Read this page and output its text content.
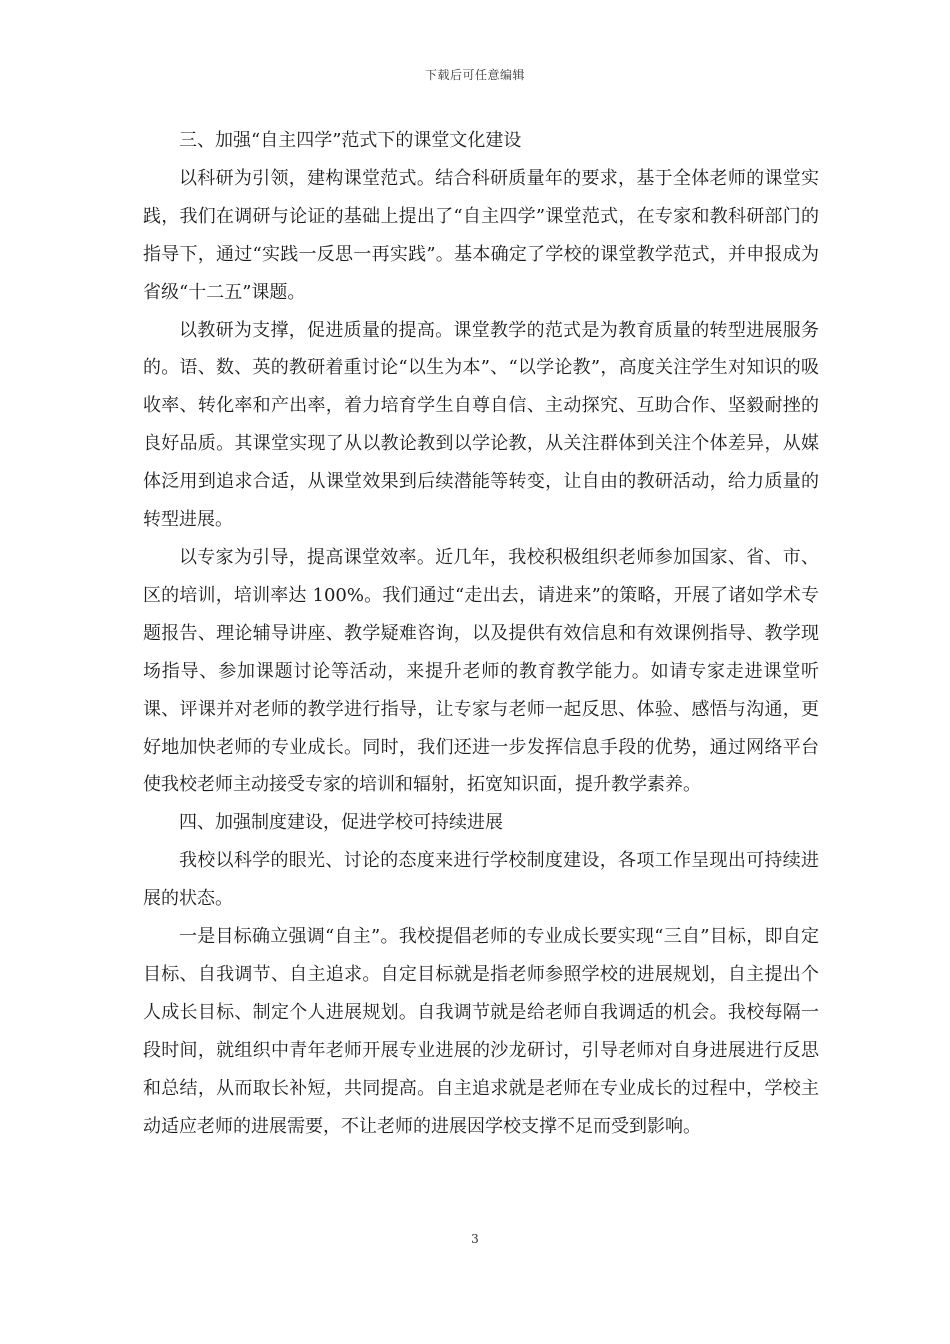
下载后可任意编辑

三、加强“自主四学”范式下的课堂文化建设

以科研为引领，建构课堂范式。结合科研质量年的要求，基于全体老师的课堂实践，我们在调研与论证的基础上提出了“自主四学”课堂范式，在专家和教科研部门的指导下，通过“实践一反思一再实践”。基本确定了学校的课堂教学范式，并申报成为省级“十二五”课题。

以教研为支撑，促进质量的提高。课堂教学的范式是为教育质量的转型进展服务的。语、数、英的教研着重讨论“以生为本”、“以学论教”，高度关注学生对知识的吸收率、转化率和产出率，着力培育学生自尊自信、主动探究、互助合作、坚毅耐挫的良好品质。其课堂实现了从以教论教到以学论教，从关注群体到关注个体差异，从媒体泛用到追求合适，从课堂效果到后续潜能等转变，让自由的教研活动，给力质量的转型进展。

以专家为引导，提高课堂效率。近几年，我校积极组织老师参加国家、省、市、区的培训，培训率达 100%。我们通过“走出去，请进来”的策略，开展了诸如学术专题报告、理论辅导讲座、教学疑难咨询，以及提供有效信息和有效课例指导、教学现场指导、参加课题讨论等活动，来提升老师的教育教学能力。如请专家走进课堂听课、评课并对老师的教学进行指导，让专家与老师一起反思、体验、感悟与沟通，更好地加快老师的专业成长。同时，我们还进一步发挥信息手段的优势，通过网络平台使我校老师主动接受专家的培训和辐射，拓宽知识面，提升教学素养。

四、加强制度建设，促进学校可持续进展

我校以科学的眼光、讨论的态度来进行学校制度建设，各项工作呈现出可持续进展的状态。

一是目标确立强调“自主”。我校提倡老师的专业成长要实现“三自”目标，即自定目标、自我调节、自主追求。自定目标就是指老师参照学校的进展规划，自主提出个人成长目标、制定个人进展规划。自我调节就是给老师自我调适的机会。我校每隔一段时间，就组织中青年老师开展专业进展的沙龙研讨，引导老师对自身进展进行反思和总结，从而取长补短，共同提高。自主追求就是老师在专业成长的过程中，学校主动适应老师的进展需要，不让老师的进展因学校支撑不足而受到影响。

3
